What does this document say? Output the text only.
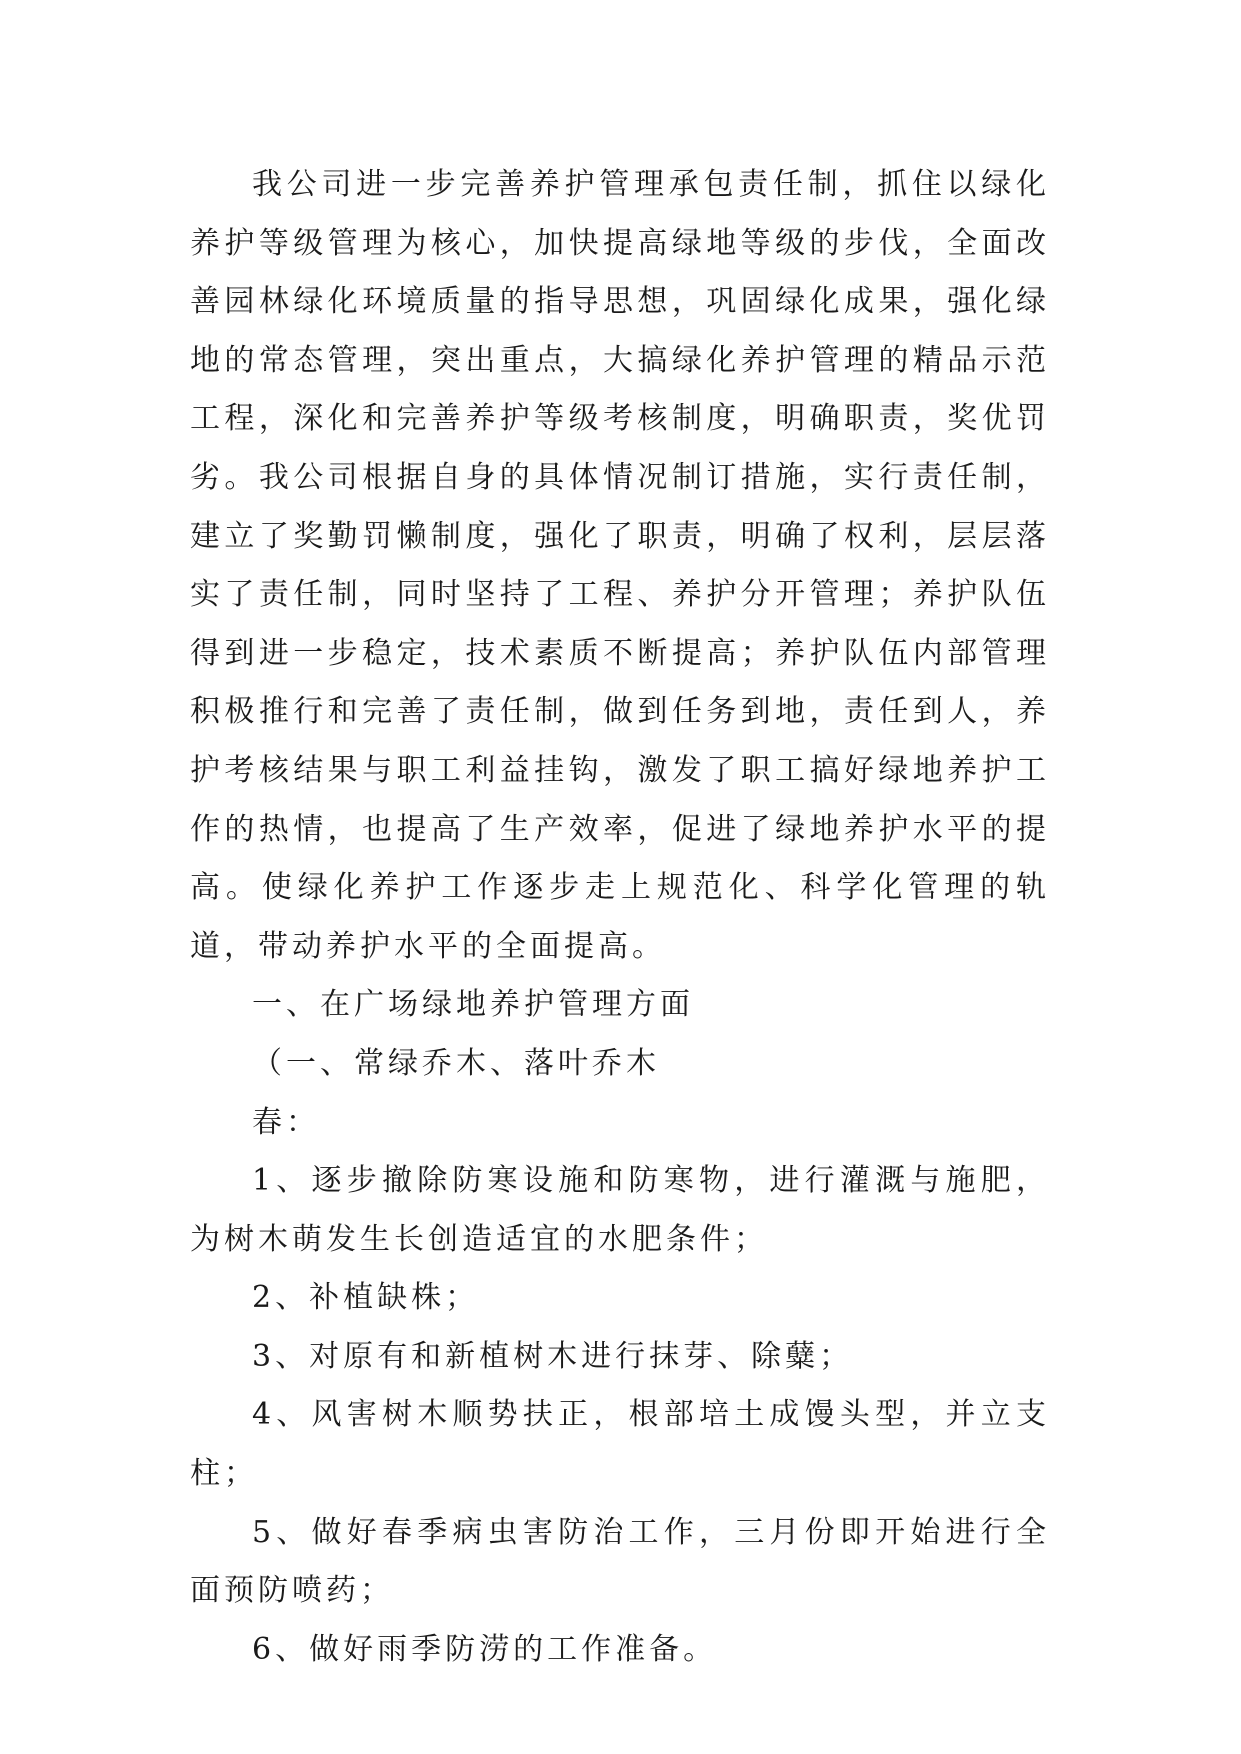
我公司进一步完善养护管理承包责任制，抓住以绿化养护等级管理为核心，加快提高绿地等级的步伐，全面改善园林绿化环境质量的指导思想，巩固绿化成果，强化绿地的常态管理，突出重点，大搞绿化养护管理的精品示范工程，深化和完善养护等级考核制度，明确职责，奖优罚劣。我公司根据自身的具体情况制订措施，实行责任制，建立了奖勤罚懒制度，强化了职责，明确了权利，层层落实了责任制，同时坚持了工程、养护分开管理；养护队伍得到进一步稳定，技术素质不断提高；养护队伍内部管理积极推行和完善了责任制，做到任务到地，责任到人，养护考核结果与职工利益挂钩，激发了职工搞好绿地养护工作的热情，也提高了生产效率，促进了绿地养护水平的提高。使绿化养护工作逐步走上规范化、科学化管理的轨道，带动养护水平的全面提高。

一、在广场绿地养护管理方面

（一、常绿乔木、落叶乔木

春：

1、逐步撤除防寒设施和防寒物，进行灌溉与施肥，为树木萌发生长创造适宜的水肥条件；

2、补植缺株；

3、对原有和新植树木进行抹芽、除糵；

4、风害树木顺势扶正，根部培土成馒头型，并立支柱；

5、做好春季病虫害防治工作，三月份即开始进行全面预防喷药；

6、做好雨季防涝的工作准备。
